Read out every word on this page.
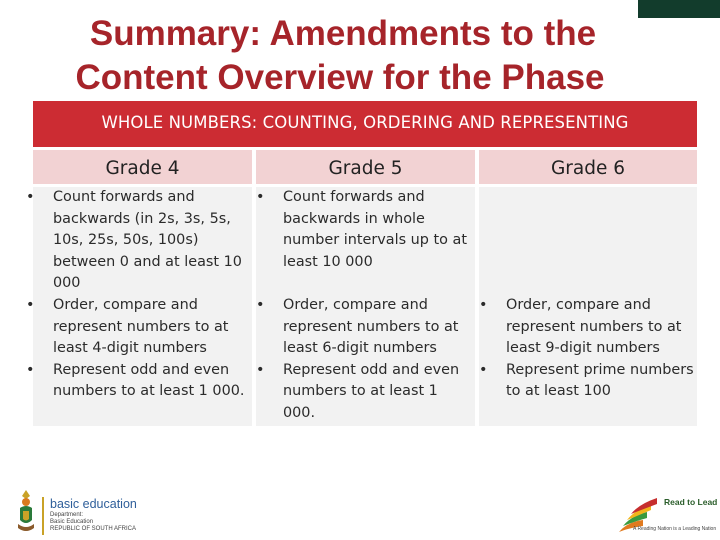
Summary: Amendments to the
Content Overview for the Phase
WHOLE NUMBERS: COUNTING, ORDERING AND REPRESENTING
Grade 4	Grade 5	Grade 6
• Count forwards and backwards (in 2s, 3s, 5s, 10s, 25s, 50s, 100s) between 0 and at least 10 000
• Order, compare and represent numbers to at least 4-digit numbers
• Represent odd and even numbers to at least 1 000.
• Count forwards and backwards in whole number intervals up to at least 10 000
• Order, compare and represent numbers to at least 6-digit numbers
• Represent odd and even numbers to at least 1 000.
• Order, compare and represent numbers to at least 9-digit numbers
• Represent prime numbers to at least 100
basic education
Department:
Basic Education
REPUBLIC OF SOUTH AFRICA
Read to Lead
A Reading Nation is a Leading Nation
